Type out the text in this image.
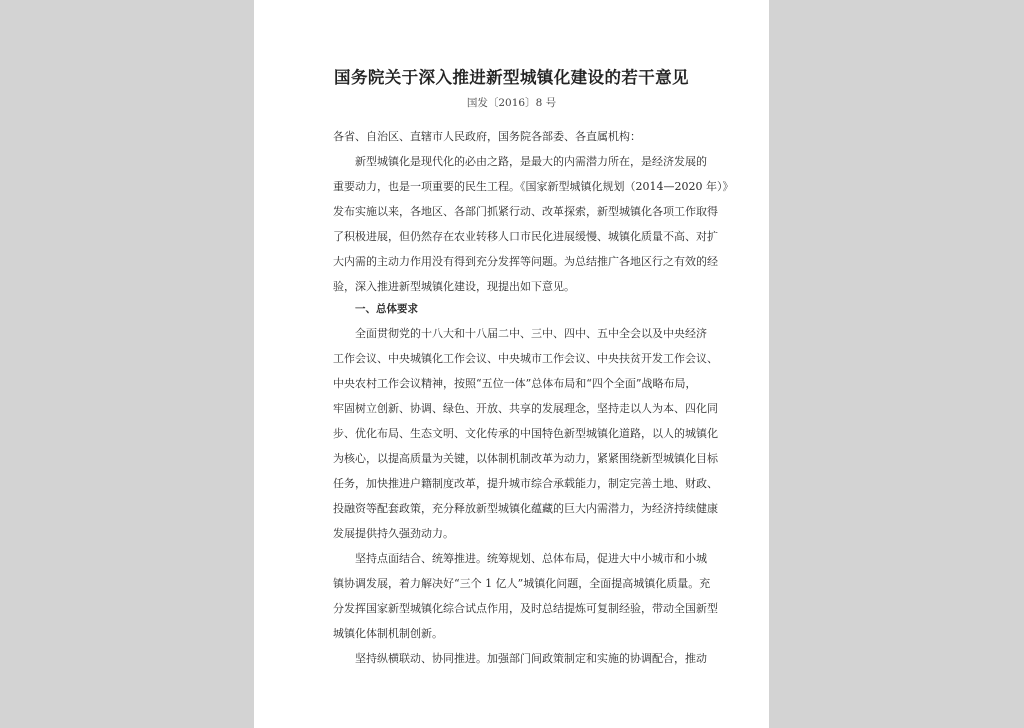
国务院关于深入推进新型城镇化建设的若干意见
国发〔2016〕8 号
各省、自治区、直辖市人民政府，国务院各部委、各直属机构：
新型城镇化是现代化的必由之路，是最大的内需潜力所在，是经济发展的
重要动力，也是一项重要的民生工程。《国家新型城镇化规划（2014—2020 年）》
发布实施以来，各地区、各部门抓紧行动、改革探索，新型城镇化各项工作取得
了积极进展，但仍然存在农业转移人口市民化进展缓慢、城镇化质量不高、对扩
大内需的主动力作用没有得到充分发挥等问题。为总结推广各地区行之有效的经
验，深入推进新型城镇化建设，现提出如下意见。
一、总体要求
全面贯彻党的十八大和十八届二中、三中、四中、五中全会以及中央经济
工作会议、中央城镇化工作会议、中央城市工作会议、中央扶贫开发工作会议、
中央农村工作会议精神，按照“五位一体”总体布局和“四个全面”战略布局，
牢固树立创新、协调、绿色、开放、共享的发展理念，坚持走以人为本、四化同
步、优化布局、生态文明、文化传承的中国特色新型城镇化道路，以人的城镇化
为核心，以提高质量为关键，以体制机制改革为动力，紧紧围绕新型城镇化目标
任务，加快推进户籍制度改革，提升城市综合承载能力，制定完善土地、财政、
投融资等配套政策，充分释放新型城镇化蕴藏的巨大内需潜力，为经济持续健康
发展提供持久强劲动力。
坚持点面结合、统筹推进。统筹规划、总体布局，促进大中小城市和小城
镇协调发展，着力解决好“三个 1 亿人”城镇化问题，全面提高城镇化质量。充
分发挥国家新型城镇化综合试点作用，及时总结提炼可复制经验，带动全国新型
城镇化体制机制创新。
坚持纵横联动、协同推进。加强部门间政策制定和实施的协调配合，推动
